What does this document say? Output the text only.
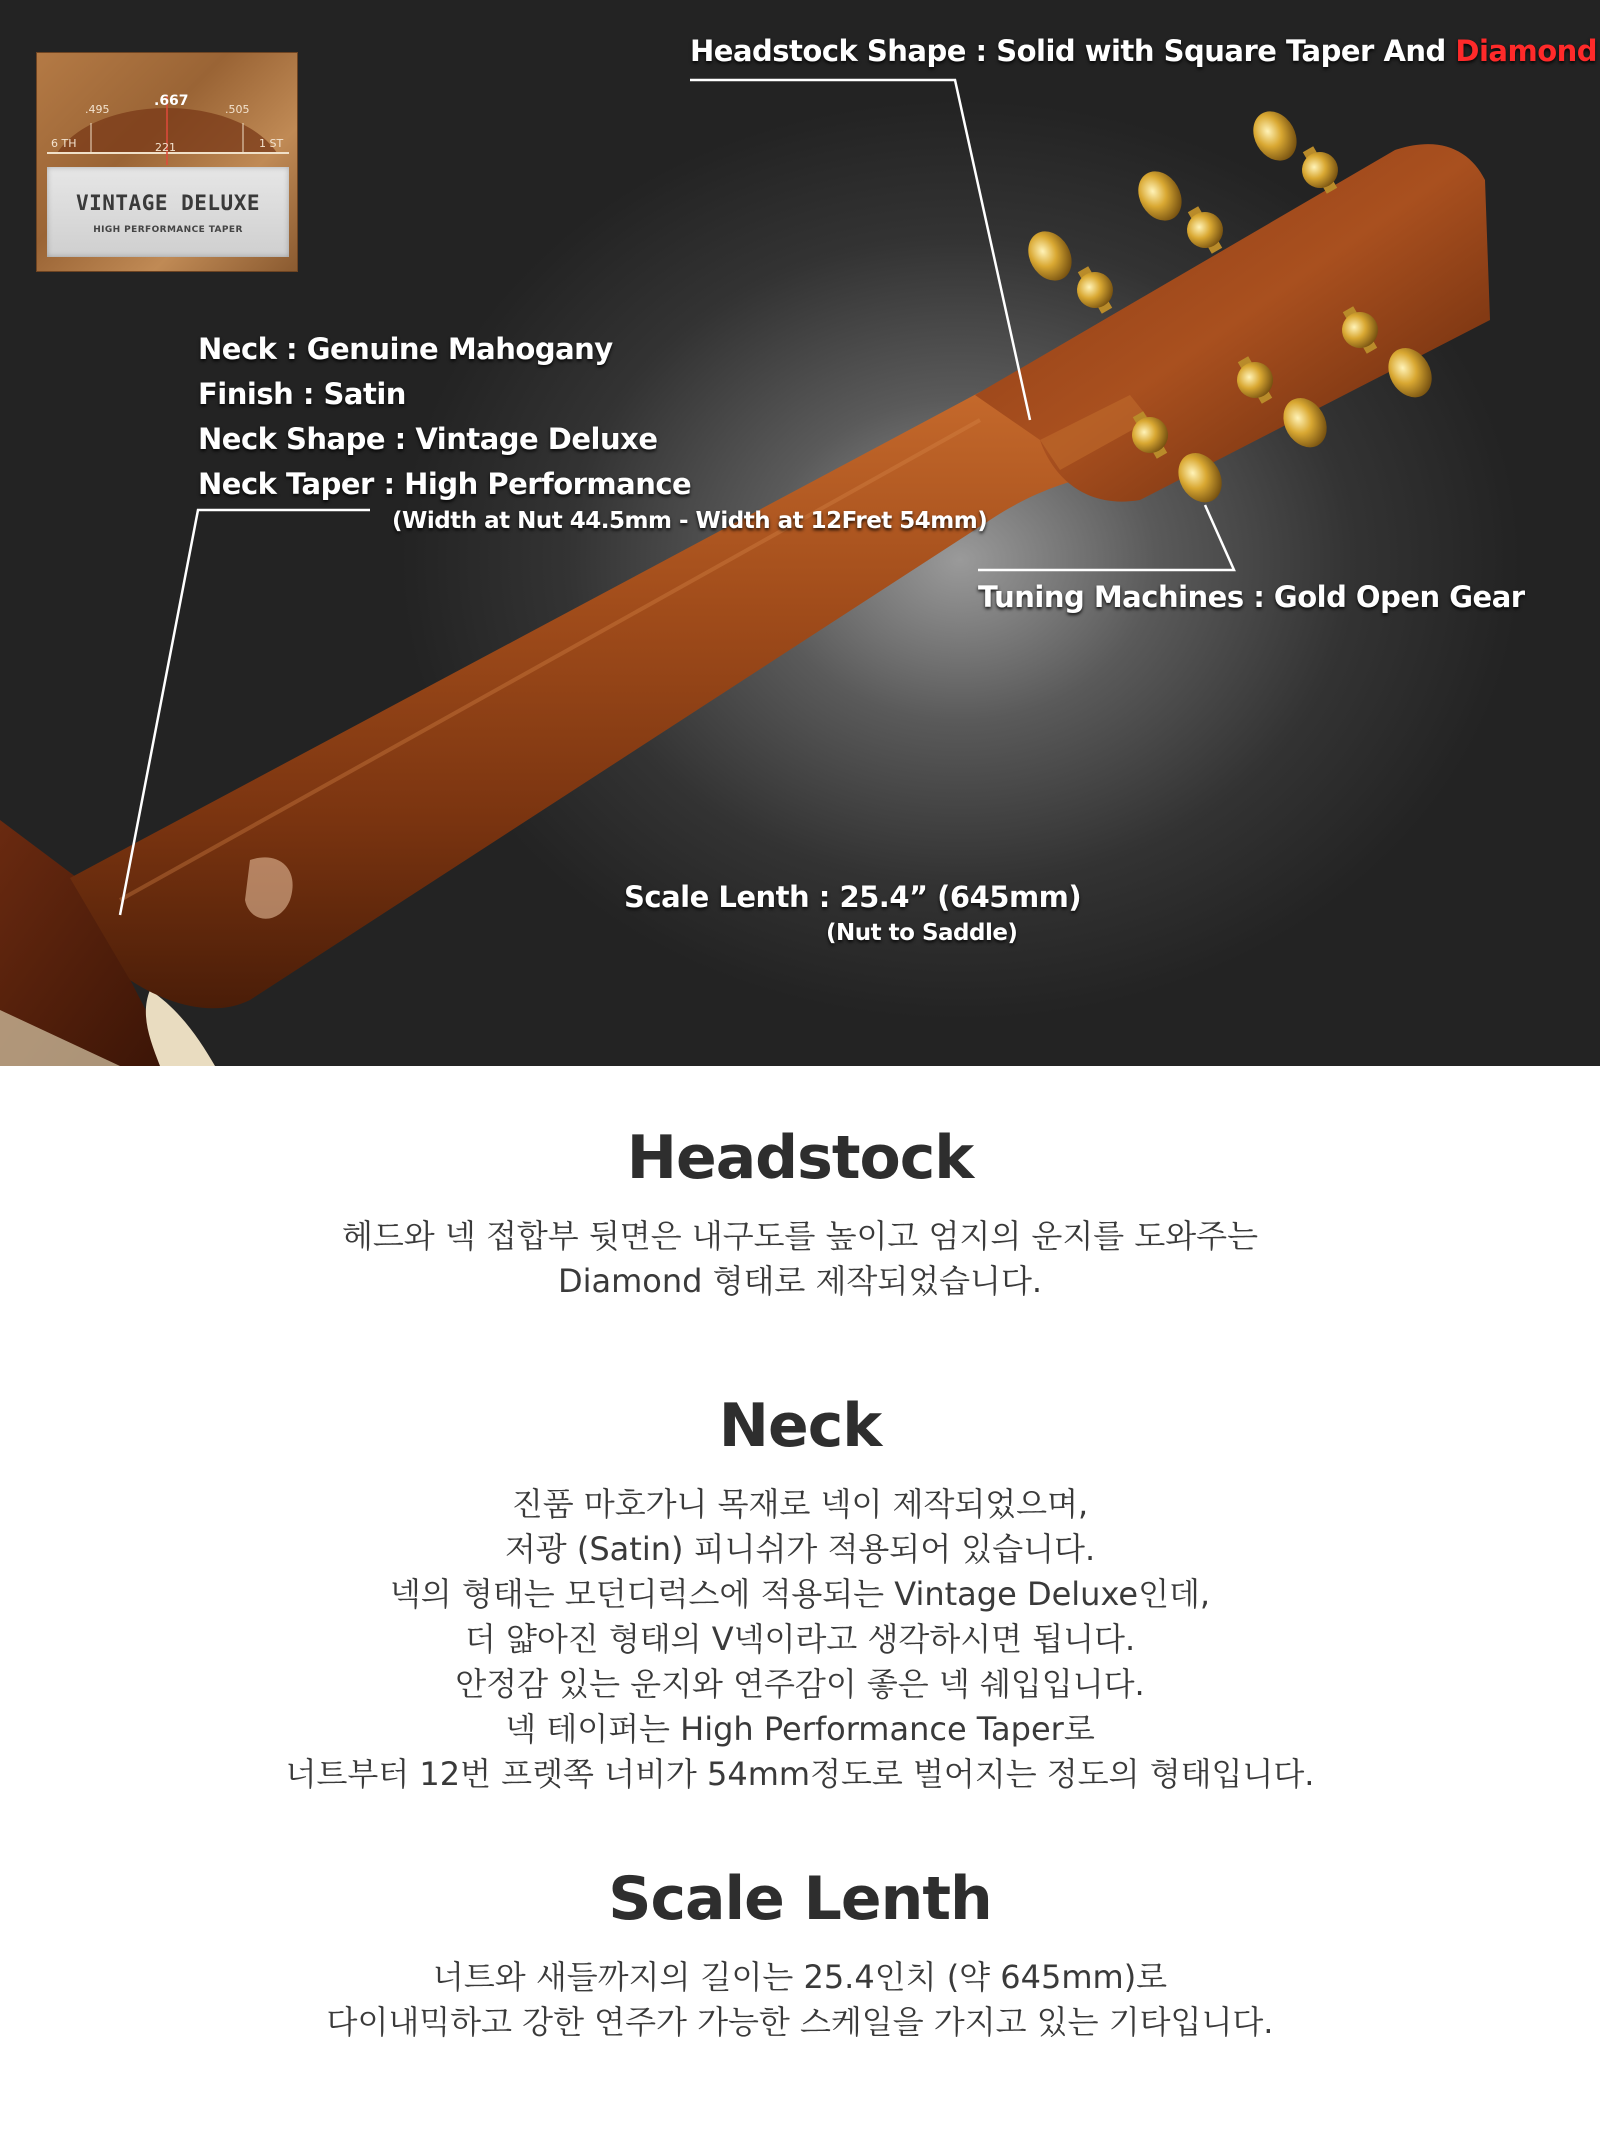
.495
.667
.505
6 TH	221	1 ST
VINTAGE DELUXE
HIGH PERFORMANCE TAPER
Headstock Shape : Solid with Square Taper And Diamond
Neck : Genuine Mahogany
Finish : Satin
Neck Shape : Vintage Deluxe
Neck Taper : High Performance
(Width at Nut 44.5mm - Width at 12Fret 54mm)
Tuning Machines : Gold Open Gear
Scale Lenth : 25.4” (645mm)
(Nut to Saddle)
Headstock

헤드와 넥 접합부 뒷면은 내구도를 높이고 엄지의 운지를 도와주는
Diamond 형태로 제작되었습니다.

Neck

진품 마호가니 목재로 넥이 제작되었으며,
저광 (Satin) 피니쉬가 적용되어 있습니다.
넥의 형태는 모던디럭스에 적용되는 Vintage Deluxe인데,
더 얇아진 형태의 V넥이라고 생각하시면 됩니다.
안정감 있는 운지와 연주감이 좋은 넥 쉐입입니다.
넥 테이퍼는 High Performance Taper로
너트부터 12번 프렛쪽 너비가 54mm정도로 벌어지는 정도의 형태입니다.

Scale Lenth

너트와 새들까지의 길이는 25.4인치 (약 645mm)로
다이내믹하고 강한 연주가 가능한 스케일을 가지고 있는 기타입니다.
